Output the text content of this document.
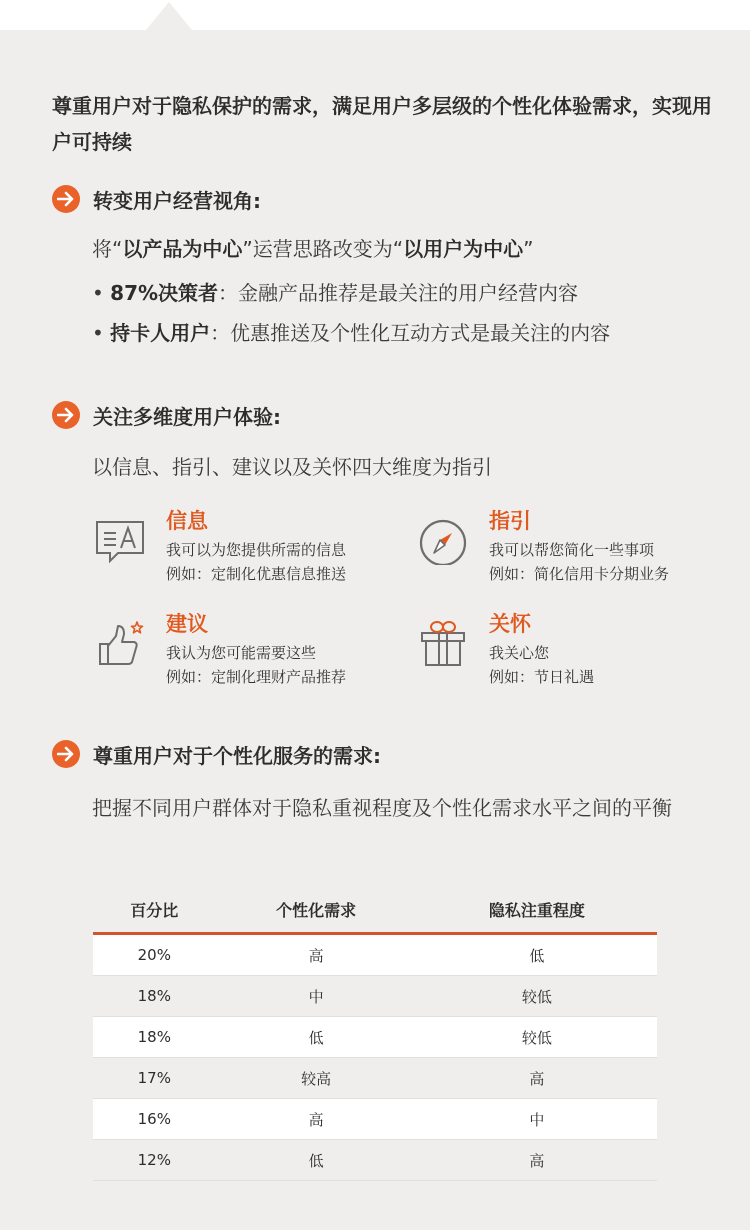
尊重用户对于隐私保护的需求，满足用户多层级的个性化体验需求，实现用户可持续
转变用户经营视角:
将“以产品为中心”运营思路改变为“以用户为中心”
• 87%决策者：金融产品推荐是最关注的用户经营内容
• 持卡人用户：优惠推送及个性化互动方式是最关注的内容
关注多维度用户体验:
以信息、指引、建议以及关怀四大维度为指引
信息
我可以为您提供所需的信息
例如：定制化优惠信息推送
指引
我可以帮您简化一些事项
例如：简化信用卡分期业务
建议
我认为您可能需要这些
例如：定制化理财产品推荐
关怀
我关心您
例如：节日礼遇
尊重用户对于个性化服务的需求:
把握不同用户群体对于隐私重视程度及个性化需求水平之间的平衡
百分比	个性化需求	隐私注重程度
20%	高	低
18%	中	较低
18%	低	较低
17%	较高	高
16%	高	中
12%	低	高
